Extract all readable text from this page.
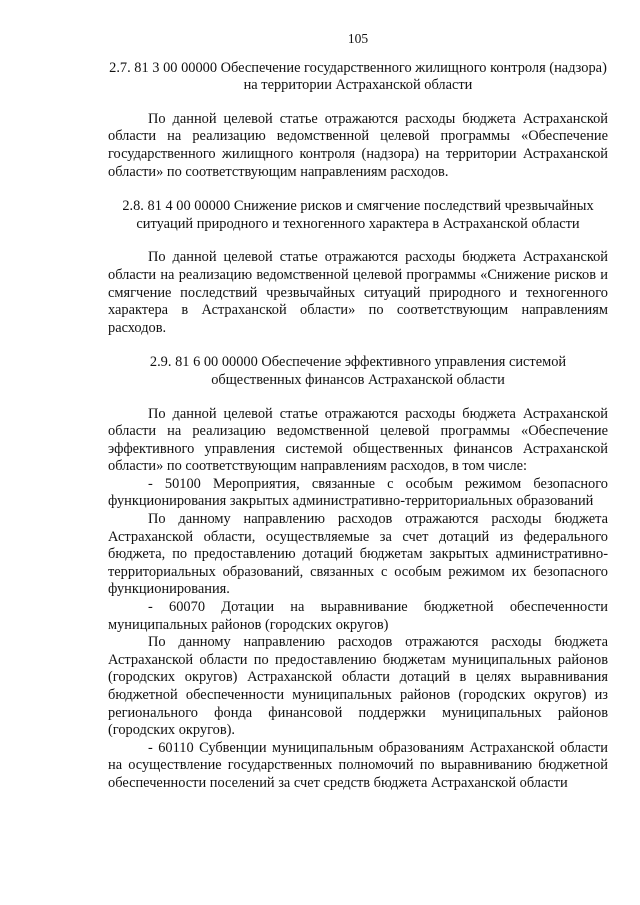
105
2.7. 81 3 00 00000 Обеспечение государственного жилищного контроля (надзора) на территории Астраханской области

По данной целевой статье отражаются расходы бюджета Астраханской области на реализацию ведомственной целевой программы «Обеспечение государственного жилищного контроля (надзора) на территории Астраханской области» по соответствующим направлениям расходов.

2.8. 81 4 00 00000 Снижение рисков и смягчение последствий чрезвычайных ситуаций природного и техногенного характера в Астраханской области

По данной целевой статье отражаются расходы бюджета Астраханской области на реализацию ведомственной целевой программы «Снижение рисков и смягчение последствий чрезвычайных ситуаций природного и техногенного характера в Астраханской области» по соответствующим направлениям расходов.

2.9. 81 6 00 00000 Обеспечение эффективного управления системой общественных финансов Астраханской области

По данной целевой статье отражаются расходы бюджета Астраханской области на реализацию ведомственной целевой программы «Обеспечение эффективного управления системой общественных финансов Астраханской области» по соответствующим направлениям расходов, в том числе:

- 50100 Мероприятия, связанные с особым режимом безопасного функционирования закрытых административно-территориальных образований

По данному направлению расходов отражаются расходы бюджета Астраханской области, осуществляемые за счет дотаций из федерального бюджета, по предоставлению дотаций бюджетам закрытых административно-территориальных образований, связанных с особым режимом их безопасного функционирования.

- 60070 Дотации на выравнивание бюджетной обеспеченности муниципальных районов (городских округов)

По данному направлению расходов отражаются расходы бюджета Астраханской области по предоставлению бюджетам муниципальных районов (городских округов) Астраханской области дотаций в целях выравнивания бюджетной обеспеченности муниципальных районов (городских округов) из регионального фонда финансовой поддержки муниципальных районов (городских округов).

- 60110 Субвенции муниципальным образованиям Астраханской области на осуществление государственных полномочий по выравниванию бюджетной обеспеченности поселений за счет средств бюджета Астраханской области
